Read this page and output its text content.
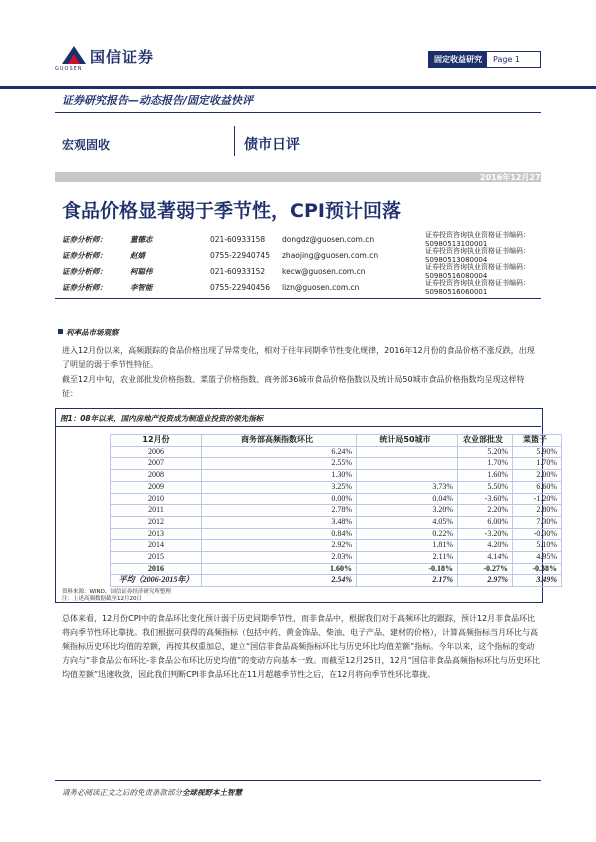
国信证券
GUOSEN
固定收益研究	Page 1
证券研究报告—动态报告/固定收益快评
宏观固收	债市日评
2016年12月27日
食品价格显著弱于季节性，CPI预计回落
证券分析师：	董德志	021-60933158	dongdz@guosen.com.cn	证券投资咨询执业资格证书编码：S0980513100001
证券分析师：	赵婧	0755-22940745	zhaojing@guosen.com.cn	证券投资咨询执业资格证书编码：S0980513080004
证券分析师：	柯聪伟	021-60933152	kecw@guosen.com.cn	证券投资咨询执业资格证书编码：S0980516080004
证券分析师：	李智能	0755-22940456	lizn@guosen.com.cn	证券投资咨询执业资格证书编码：S0980516060001
利率品市场观察
进入12月份以来，高频跟踪的食品价格出现了异常变化，相对于往年同期季节性变化规律，2016年12月份的食品价格不涨反跌，出现了明显的弱于季节性特征。
截至12月中旬，农业部批发价格指数、菜篮子价格指数、商务部36城市食品价格指数以及统计局50城市食品价格指数均呈现这样特征：
图1：08年以来，国内房地产投资成为制造业投资的领先指标
12月份	商务部高频指数环比	统计局50城市	农业部批发	菜篮子
2006	6.24%		5.20%	5.90%
2007	2.55%		1.70%	1.70%
2008	1.30%		1.60%	2.00%
2009	3.25%	3.73%	5.50%	6.60%
2010	0.00%	0.04%	-3.60%	-1.20%
2011	2.78%	3.20%	2.20%	2.80%
2012	3.48%	4.05%	6.00%	7.30%
2013	0.84%	0.22%	-3.20%	-0.30%
2014	2.92%	1.81%	4.20%	5.10%
2015	2.03%	2.11%	4.14%	4.95%
2016	1.60%	-0.18%	-0.27%	-0.38%
平均（2006-2015年）	2.54%	2.17%	2.97%	3.49%
资料来源：WIND、国信证券经济研究所整理
注：上述高频数据截至12月20日
总体来看，12月份CPI中的食品环比变化预计弱于历史同期季节性，而非食品中，根据我们对于高频环比的跟踪，预计12月非食品环比将向季节性环比靠拢。我们根据可获得的高频指标（包括中药、黄金饰品、柴油、电子产品、建材的价格），计算高频指标当月环比与高频指标历史环比均值的差额，再按其权重加总，建立“国信非食品高频指标环比与历史环比均值差额”指标。今年以来，这个指标的变动方向与“非食品公布环比-非食品公布环比历史均值”的变动方向基本一致。而截至12月25日，12月“国信非食品高频指标环比与历史环比均值差额”迅速收敛，因此我们判断CPI非食品环比在11月超越季节性之后，在12月将向季节性环比靠拢。
请务必阅读正文之后的免责条款部分全球视野本土智慧
